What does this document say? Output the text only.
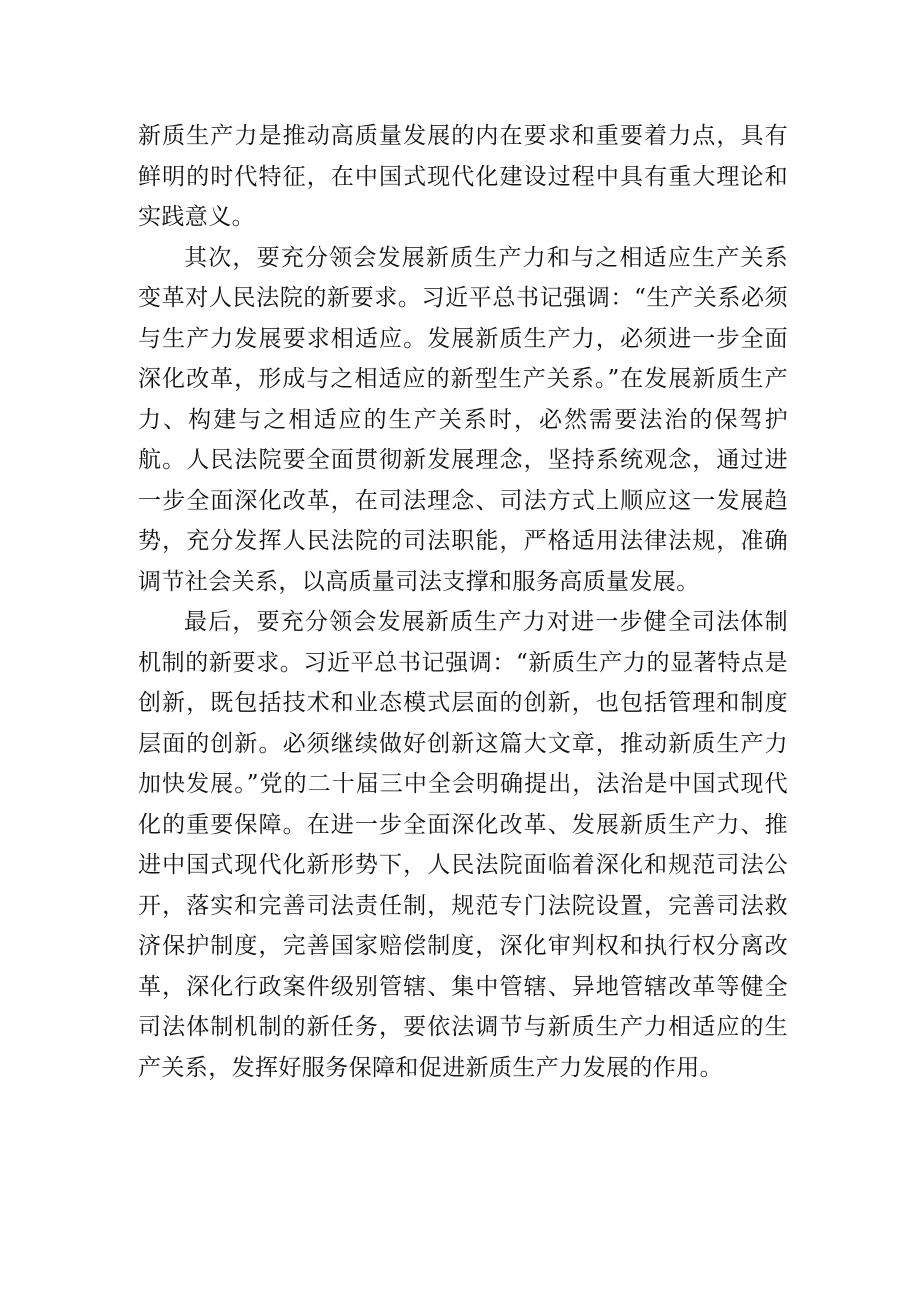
新质生产力是推动高质量发展的内在要求和重要着力点，具有鲜明的时代特征，在中国式现代化建设过程中具有重大理论和实践意义。

其次，要充分领会发展新质生产力和与之相适应生产关系变革对人民法院的新要求。习近平总书记强调：“生产关系必须与生产力发展要求相适应。发展新质生产力，必须进一步全面深化改革，形成与之相适应的新型生产关系。”在发展新质生产力、构建与之相适应的生产关系时，必然需要法治的保驾护航。人民法院要全面贯彻新发展理念，坚持系统观念，通过进一步全面深化改革，在司法理念、司法方式上顺应这一发展趋势，充分发挥人民法院的司法职能，严格适用法律法规，准确调节社会关系，以高质量司法支撑和服务高质量发展。

最后，要充分领会发展新质生产力对进一步健全司法体制机制的新要求。习近平总书记强调：“新质生产力的显著特点是创新，既包括技术和业态模式层面的创新，也包括管理和制度层面的创新。必须继续做好创新这篇大文章，推动新质生产力加快发展。”党的二十届三中全会明确提出，法治是中国式现代化的重要保障。在进一步全面深化改革、发展新质生产力、推进中国式现代化新形势下，人民法院面临着深化和规范司法公开，落实和完善司法责任制，规范专门法院设置，完善司法救济保护制度，完善国家赔偿制度，深化审判权和执行权分离改革，深化行政案件级别管辖、集中管辖、异地管辖改革等健全司法体制机制的新任务，要依法调节与新质生产力相适应的生产关系，发挥好服务保障和促进新质生产力发展的作用。
